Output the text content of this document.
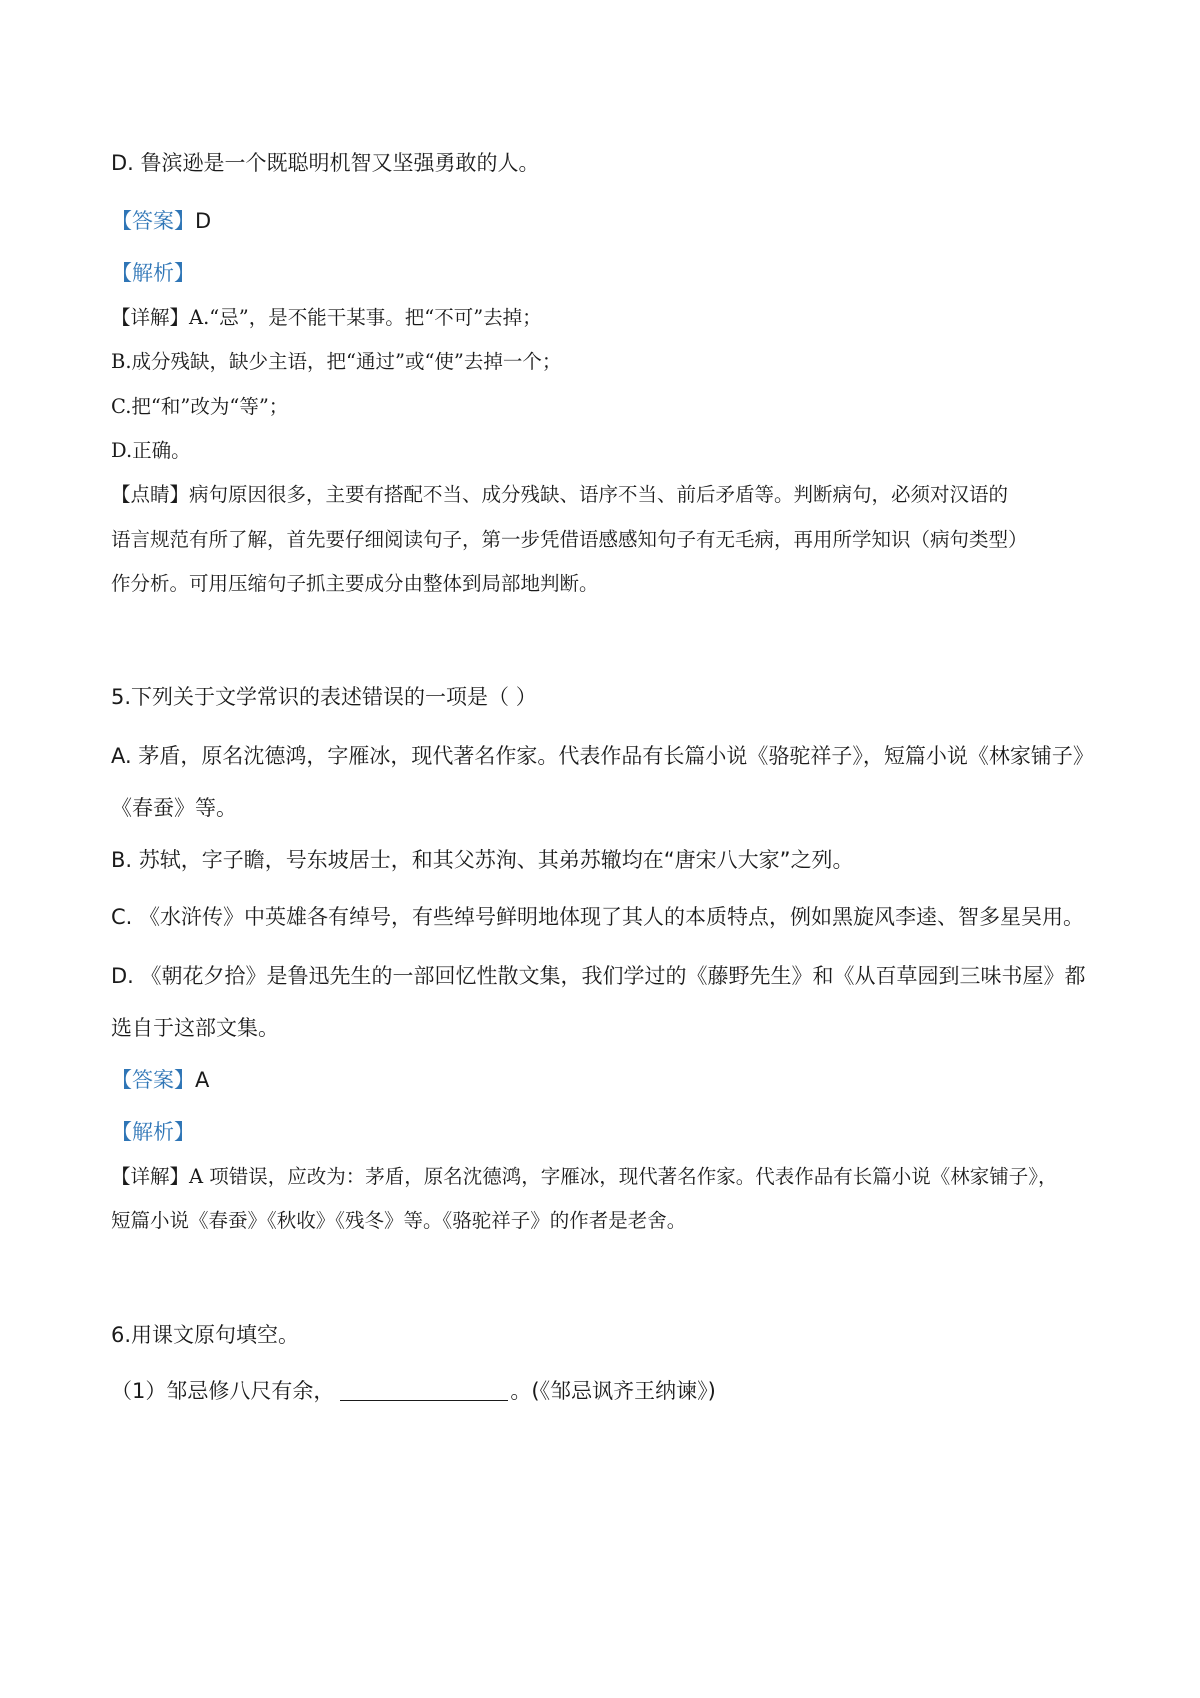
D. 鲁滨逊是一个既聪明机智又坚强勇敢的人。
【答案】D
【解析】
【详解】A.“忌”，是不能干某事。把“不可”去掉；
B.成分残缺，缺少主语，把“通过”或“使”去掉一个；
C.把“和”改为“等”；
D.正确。
【点睛】病句原因很多，主要有搭配不当、成分残缺、语序不当、前后矛盾等。判断病句，必须对汉语的
语言规范有所了解，首先要仔细阅读句子，第一步凭借语感感知句子有无毛病，再用所学知识（病句类型）
作分析。可用压缩句子抓主要成分由整体到局部地判断。
5.下列关于文学常识的表述错误的一项是（ ）
A. 茅盾，原名沈德鸿，字雁冰，现代著名作家。代表作品有长篇小说《骆驼祥子》，短篇小说《林家铺子》
《春蚕》等。
B. 苏轼，字子瞻，号东坡居士，和其父苏洵、其弟苏辙均在“唐宋八大家”之列。
C. 《水浒传》中英雄各有绰号，有些绰号鲜明地体现了其人的本质特点，例如黑旋风李逵、智多星吴用。
D. 《朝花夕拾》是鲁迅先生的一部回忆性散文集，我们学过的《藤野先生》和《从百草园到三味书屋》都
选自于这部文集。
【答案】A
【解析】
【详解】A 项错误，应改为：茅盾，原名沈德鸿，字雁冰，现代著名作家。代表作品有长篇小说《林家铺子》，
短篇小说《春蚕》《秋收》《残冬》等。《骆驼祥子》的作者是老舍。
6.用课文原句填空。
（1）邹忌修八尺有余，	。(《邹忌讽齐王纳谏》)
